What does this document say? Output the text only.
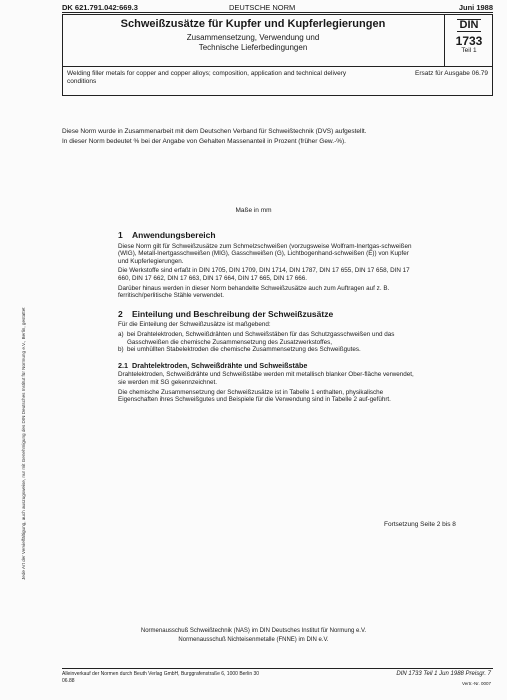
DK 621.791.042:669.3	DEUTSCHE NORM	Juni 1988
Schweißzusätze für Kupfer und Kupferlegierungen
Zusammensetzung, Verwendung und
Technische Lieferbedingungen
DIN
1733
Teil 1
Welding filler metals for copper and copper alloys; composition, application and technical delivery conditions
Ersatz für Ausgabe 06.79
Jede Art der Vervielfältigung, auch auszugsweise, nur mit Genehmigung des DIN Deutsches Institut für Normung e.V., Berlin, gestattet
Diese Norm wurde in Zusammenarbeit mit dem Deutschen Verband für Schweißtechnik (DVS) aufgestellt.
In dieser Norm bedeutet % bei der Angabe von Gehalten Massenanteil in Prozent (früher Gew.-%).
Maße in mm
1 Anwendungsbereich

Diese Norm gilt für Schweißzusätze zum Schmelzschweißen (vorzugsweise Wolfram-Inertgas-schweißen (WIG), Metall-Inertgasschweißen (MIG), Gasschweißen (G), Lichtbogenhand-schweißen (E)) von Kupfer und Kupferlegierungen.

Die Werkstoffe sind erfaßt in DIN 1705, DIN 1709, DIN 1714, DIN 1787, DIN 17 655, DIN 17 658, DIN 17 660, DIN 17 662, DIN 17 663, DIN 17 664, DIN 17 665, DIN 17 666.

Darüber hinaus werden in dieser Norm behandelte Schweißzusätze auch zum Auftragen auf z. B. ferritisch/perlitische Stähle verwendet.

2 Einteilung und Beschreibung der Schweißzusätze

Für die Einteilung der Schweißzusätze ist maßgebend:

a) bei Drahtelektroden, Schweißdrähten und Schweißstäben für das Schutzgasschweißen und das Gasschweißen die chemische Zusammensetzung des Zusatzwerkstoffes,
b) bei umhüllten Stabelektroden die chemische Zusammensetzung des Schweißgutes.
2.1 Drahtelektroden, Schweißdrähte und Schweißstäbe

Drahtelektroden, Schweißdrähte und Schweißstäbe werden mit metallisch blanker Ober-fläche verwendet, sie werden mit SG gekennzeichnet.

Die chemische Zusammensetzung der Schweißzusätze ist in Tabelle 1 enthalten, physikalische Eigenschaften ihres Schweißgutes und Beispiele für die Verwendung sind in Tabelle 2 auf-geführt.

Fortsetzung Seite 2 bis 8
Normenausschuß Schweißtechnik (NAS) im DIN Deutsches Institut für Normung e.V.
Normenausschuß Nichteisenmetalle (FNNE) im DIN e.V.
Alleinverkauf der Normen durch Beuth Verlag GmbH, Burggrafenstraße 6, 1000 Berlin 30
06.88
DIN 1733 Teil 1 Jun 1988 Preisgr. 7
Vertr.-Nr. 0007
